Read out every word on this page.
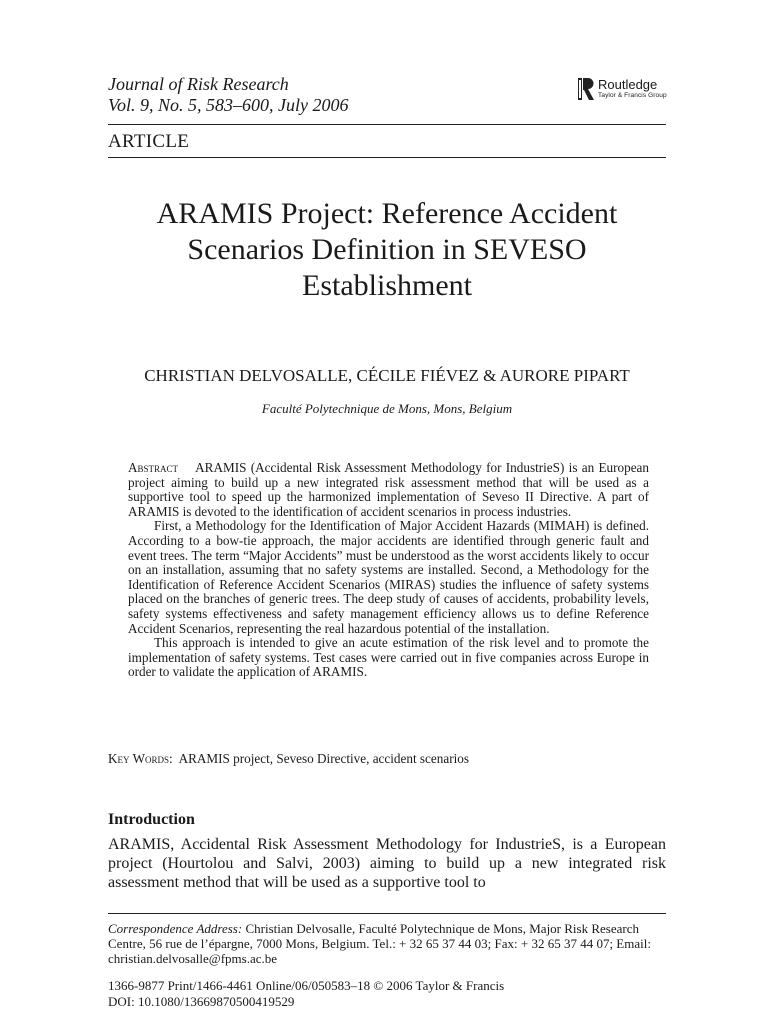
Journal of Risk Research
Vol. 9, No. 5, 583–600, July 2006
Routledge
Taylor & Francis Group
ARTICLE
ARAMIS Project: Reference Accident
Scenarios Definition in SEVESO
Establishment
CHRISTIAN DELVOSALLE, CÉCILE FIÉVEZ & AURORE PIPART
Faculté Polytechnique de Mons, Mons, Belgium

Abstract ARAMIS (Accidental Risk Assessment Methodology for IndustrieS) is an European project aiming to build up a new integrated risk assessment method that will be used as a supportive tool to speed up the harmonized implementation of Seveso II Directive. A part of ARAMIS is devoted to the identification of accident scenarios in process industries.

First, a Methodology for the Identification of Major Accident Hazards (MIMAH) is defined. According to a bow-tie approach, the major accidents are identified through generic fault and event trees. The term “Major Accidents” must be understood as the worst accidents likely to occur on an installation, assuming that no safety systems are installed. Second, a Methodology for the Identification of Reference Accident Scenarios (MIRAS) studies the influence of safety systems placed on the branches of generic trees. The deep study of causes of accidents, probability levels, safety systems effectiveness and safety management efficiency allows us to define Reference Accident Scenarios, representing the real hazardous potential of the installation.

This approach is intended to give an acute estimation of the risk level and to promote the implementation of safety systems. Test cases were carried out in five companies across Europe in order to validate the application of ARAMIS.

Key Words: ARAMIS project, Seveso Directive, accident scenarios
Introduction

ARAMIS, Accidental Risk Assessment Methodology for IndustrieS, is a European project (Hourtolou and Salvi, 2003) aiming to build up a new integrated risk assessment method that will be used as a supportive tool to

Correspondence Address: Christian Delvosalle, Faculté Polytechnique de Mons, Major Risk Research Centre, 56 rue de l’épargne, 7000 Mons, Belgium. Tel.: + 32 65 37 44 03; Fax: + 32 65 37 44 07; Email: christian.delvosalle@fpms.ac.be

1366-9877 Print/1466-4461 Online/06/050583–18 © 2006 Taylor & Francis
DOI: 10.1080/13669870500419529
